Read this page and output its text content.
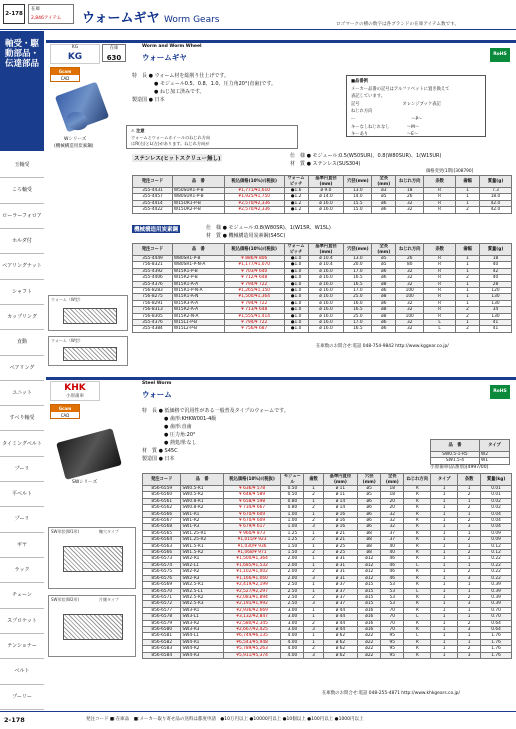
2-178
在庫
2,846アイテム	ウォームギヤ Worm Gears	ロゴマークの横の数字は各ブランドの在庫アイテム数です。
玉軸受
ころ軸受
ローラーフォロア
ホルダ付
ベアリングナット
シャフト
カップリング
直動
ベアリング
ユニット
すべり軸受
タイミングベルト
プーリ
平ベルト
プーリ
ギヤ
ラック
チェーン
スプロケット
テンショナー
ベルト
プーリー
軸受・駆動部品・伝達部品
KG
KG
Gcam
CAD
在庫
630
Worm and Worm Wheel
ウォームギヤ	RoHS
特　長 ● ウォーム材を総削り仕上げです。
● モジュール0.5、0.8、1.0、圧力角20°(直歯)です。
● ねじ加工済みです。
製造国 ● 日本
■品番例
メーカー品番の記号はアルファベットに置き換えて
表記しています。
記号　　　　　　　　　　オレンジブック表記
ねじれ方向
ー　　　　　　　　　　　　　～P～
キーなしねじれなし　　　　～M～
キーあり　　　　　　　　　～E～
⚠ 注意
ウォームとウォームホイールのねじれ方向
はR(右)とL(左)があります。ねじれ方向が
Wシリーズ
(機械構造用炭素鋼)
ステンレス(ヒットスクリュー無し)	仕　様 ● モジュール:0.5(W50SUR)、0.8(W80SUR)、1(W15UR)
材　質 ● ステンレス(SUS304)
価格変更(1期)[308790]
発注コード	品　番	税込価格(10%)/(税抜)	ウォームピッチ	基準円直径(mm)	穴径(mm)	全長(mm)	ねじれ方向	条数	歯幅	質量(g)
355-4431	W50SUR1-P-B	¥1,771/¥1,610	●1.6	ø 9.0	13.0	ø3	18	R	1	7.3
355-4457	W80SUR1-P-B	¥1,925/¥1,750	●1.2	ø 14.0	14.0	ø5	26	R	1	18.0
355-4414	W15UR1-P-B	¥2,570/¥2,336	●1.2	ø 16.0	15.5	ø6	32	R	1	42.0
355-4422	W15UR2-P-B	¥2,570/¥2,336	●1.2	ø 16.0	15.0	ø6	32	R	2	42.0
機械構造用炭素鋼	仕　様 ● モジュール:0.8(W80SR)、1(W15R、W15L)
材　質 ● 機械構造用炭素鋼(S45C)
発注コード	品　番	税込価格(10%)/(税抜)	ウォームピッチ	基準円直径(mm)	穴径(mm)	全長(mm)	ねじれ方向	条数	歯幅	質量(g)
355-4449	W80SR1-P-B	¥ 886/¥ 806	●1.0	ø 10.4	13.0	ø5	26	R	1	18
756-8321	W80SR1-P-N-A	¥1,177/¥1,070	●1.0	ø 10.4	20.0	ø5	80	R	1	40
355-4392	W15R1-P-B	¥ 703/¥ 640	●1.0	ø 16.0	17.0	ø6	32	R	1	42
355-4406	W15R2-P-B	¥ 712/¥ 648	●1.0	ø 16.0	16.5	ø6	32	R	2	40
355-4376	W15R1-A-A	¥ 794/¥ 722	●1.0	ø 16.0	16.5	ø8	32	R	1	28
756-8283	W15R1-P-N-A	¥1,265/¥1,150	●1.0	ø 16.0	17.0	ø6	100	R	1	120
756-8275	W15R1-A-N	¥1,500/¥1,364	●1.0	ø 16.0	25.0	ø8	100	R	1	130
756-8291	W15R3-A-A	¥ 794/¥ 722	●1.0	ø 16.0	16.0	ø6	32	R	1	130
756-8313	W15R2-A-A	¥ 713/¥ 648	●1.0	ø 16.0	16.5	ø8	32	R	2	34
756-8305	W15R2-N-A	¥1,555/¥1,414	●1.0	ø 16.0	25.0	ø8	100	R	2	130
355-4376	W15L1-P-B	¥ 794/¥ 722	●1.0	ø 16.0	17.0	ø6	32	L	1	41
355-4384	W15L2-P-B	¥ 756/¥ 687	●1.0	ø 16.0	16.5	ø6	32	L	2	41
ウォーム（W型）
ウォーム（W型）
在庫数のお問合せ:電話 048-754-9842 http://www.kggear.co.jp/
KHK
小原歯車
Gcam
CAD
Steel Worm
ウォーム	RoHS
特　長 ● 低価格で汎用性がある一般普及タイプのウォームです。
● 歯形:KHKW001-4級
● 歯形:直歯
● 圧力角:20°
● 熱処理:なし
材　質 ● S45C
製造国 ● 日本
品　番	タイプ
SW0.5-1-R5	W2
SW1.5-4	W1
小原歯車(品番別)[4997/00]
SWシリーズ
発注コード	品　番	税込価格(10%)/(税抜)	モジュール	歯数	基準円直径(mm)	穴径(mm)	全長(mm)	ねじれ方向	タイプ	条数	質量(kg)
856-6559	SW0.5-R1	¥ 636/¥ 578	0.50	1	ø 11	ø5	18	R	1	1	0.01
856-6560	SW0.5-R2	¥ 648/¥ 589	0.50	2	ø 11	ø5	18	R	1	2	0.01
856-6561	SW0.8-R1	¥ 658/¥ 598	0.80	1	ø 14	ø6	20	R	1	1	0.02
856-6562	SW0.8-R2	¥ 734/¥ 667	0.80	2	ø 14	ø6	20	R	1	2	0.02
856-6566	SW1-R1	¥ 670/¥ 609	1.00	1	ø 16	ø6	32	R	1	1	0.04
856-6567	SW1-R2	¥ 670/¥ 609	1.00	2	ø 16	ø6	32	R	1	2	0.04
856-6568	SW1-R3	¥ 679/¥ 617	1.00	3	ø 16	ø6	32	R	1	3	0.04
856-6565	SW1.25-R1	¥ 960/¥ 873	1.25	1	ø 21	ø8	37	R	1	1	0.09
856-6564	SW1.25-R2	¥1,015/¥ 923	1.25	2	ø 21	ø8	37	R	1	2	0.09
856-6563	SW1.5-R1	¥1,030/¥ 936	1.50	1	ø 25	ø8	40	R	1	1	0.12
856-6566	SW1.5-R2	¥1,068/¥ 971	1.50	2	ø 25	ø8	40	R	1	2	0.12
856-6573	SW2-R1	¥1,500/¥1,364	2.00	1	ø 31	ø12	46	R	1	1	0.22
856-6574	SW2-L1	¥1,685/¥1,532	2.00	1	ø 31	ø12	46	L	1	1	0.22
856-6575	SW2-R2	¥1,102/¥1,002	2.00	2	ø 31	ø12	46	R	1	2	0.22
856-6576	SW2-R3	¥1,166/¥1,060	2.00	3	ø 31	ø12	46	R	1	3	0.22
856-6569	SW2.5-R1	¥2,419/¥2,199	2.50	1	ø 37	ø15	53	R	1	1	0.39
856-6570	SW2.5-L1	¥2,527/¥2,297	2.50	1	ø 37	ø15	53	L	1	1	0.39
856-6571	SW2.5-R2	¥2,083/¥1,894	2.50	2	ø 37	ø15	53	R	1	2	0.39
856-6572	SW2.5-R3	¥2,191/¥1,992	2.50	3	ø 37	ø15	53	R	1	3	0.39
856-6577	SW3-R1	¥2,936/¥2,669	3.00	1	ø 44	ø16	70	R	1	1	0.70
856-6578	SW3-L1	¥3,132/¥2,847	3.00	1	ø 44	ø16	70	L	1	1	0.70
856-6579	SW3-R2	¥2,580/¥2,345	3.00	2	ø 44	ø16	70	R	1	2	0.64
856-6580	SW3-R3	¥2,667/¥2,425	3.00	3	ø 44	ø16	70	R	1	3	0.64
856-6581	SW4-L1	¥6,749/¥6,135	4.00	1	ø 62	ø22	95	L	1	1	1.76
856-6582	SW4-R1	¥6,543/¥5,948	4.00	1	ø 62	ø22	95	R	1	1	1.76
856-6583	SW4-R2	¥5,789/¥5,263	4.00	2	ø 62	ø22	95	R	1	2	1.76
856-6584	SW4-R3	¥5,911/¥5,374	4.00	3	ø 62	ø22	95	R	1	3	1.76
SW形状(W1形)	軸穴タイプ
SW形状(W2形)	片側タイプ
在庫数のお問合せ:電話 048-255-4871 http://www.khkgears.co.jp/
2-178	発注コード ■:在庫品　■:メーカー取り寄せ品の送料は都度申請　●10万円以上 ●10000円以上 ●10個以上 ●100円以上 ●1000円以上
